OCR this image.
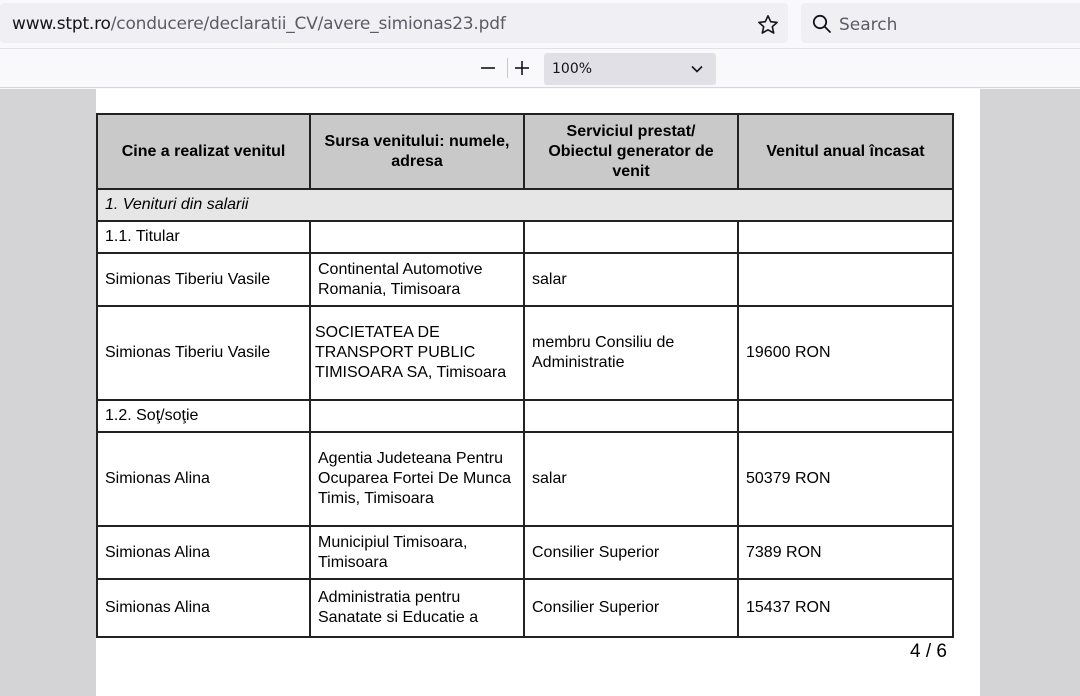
www.stpt.ro/conducere/declaratii_CV/avere_simionas23.pdf	Search
100%
Cine a realizat venitul	Sursa venitului: numele, adresa	Serviciul prestat/ Obiectul generator de venit	Venitul anual încasat
1. Venituri din salarii			
1.1. Titular			
Simionas Tiberiu Vasile	Continental Automotive Romania, Timisoara	salar	
Simionas Tiberiu Vasile	SOCIETATEA DE TRANSPORT PUBLIC TIMISOARA SA, Timisoara	membru Consiliu de Administratie	19600 RON
1.2. Soţ/soţie			
Simionas Alina	Agentia Judeteana Pentru Ocuparea Fortei De Munca Timis, Timisoara	salar	50379 RON
Simionas Alina	Municipiul Timisoara, Timisoara	Consilier Superior	7389 RON
Simionas Alina	Administratia pentru Sanatate si Educatie a	Consilier Superior	15437 RON
4 / 6
